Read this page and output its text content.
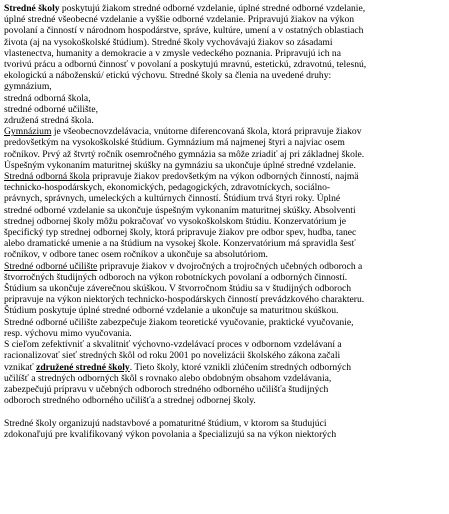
Stredné školy poskytujú žiakom stredné odborné vzdelanie, úplné stredné odborné vzdelanie,
úplné stredné všeobecné vzdelanie a vyššie odborné vzdelanie. Pripravujú žiakov na výkon
povolaní a činností v národnom hospodárstve, správe, kultúre, umení a v ostatných oblastiach
života (aj na vysokoškolské štúdium). Stredné školy vychovávajú žiakov so zásadami
vlastenectva, humanity a demokracie a v zmysle vedeckého poznania. Pripravujú ich na
tvorivú prácu a odbornú činnosť v povolaní a poskytujú mravnú, estetickú, zdravotnú, telesnú,
ekologickú a náboženskú/ etickú výchovu. Stredné školy sa členia na uvedené druhy:
gymnázium,
stredná odborná škola,
stredné odborné učilište,
združená stredná škola.
Gymnázium je všeobecnovzdelávacia, vnútorne diferencovaná škola, ktorá pripravuje žiakov
predovšetkým na vysokoškolské štúdium. Gymnázium má najmenej štyri a najviac osem
ročníkov. Prvý až štvrtý ročník osemročného gymnázia sa môže zriadiť aj pri základnej škole.
Úspešným vykonaním maturitnej skúšky na gymnáziu sa ukončuje úplné stredné vzdelanie.
Stredná odborná škola pripravuje žiakov predovšetkým na výkon odborných činností, najmä
technicko-hospodárskych, ekonomických, pedagogických, zdravotníckych, sociálno-
právnych, správnych, umeleckých a kultúrnych činností. Štúdium trvá štyri roky. Úplné
stredné odborné vzdelanie sa ukončuje úspešným vykonaním maturitnej skúšky. Absolventi
strednej odbornej školy môžu pokračovať vo vysokoškolskom štúdiu. Konzervatórium je
špecifický typ strednej odbornej školy, ktorá pripravuje žiakov pre odbor spev, hudba, tanec
alebo dramatické umenie a na štúdium na vysokej škole. Konzervatórium má spravidla šesť
ročníkov, v odbore tanec osem ročníkov a ukončuje sa absolutóriom.
Stredné odborné učilište pripravuje žiakov v dvojročných a trojročných učebných odboroch a
štvorročných študijných odboroch na výkon robotníckych povolaní a odborných činností.
Štúdium sa ukončuje záverečnou skúškou. V štvorročnom štúdiu sa v študijných odboroch
pripravuje na výkon niektorých technicko-hospodárskych činností prevádzkového charakteru.
Štúdium poskytuje úplné stredné odborné vzdelanie a ukončuje sa maturitnou skúškou.
Stredné odborné učilište zabezpečuje žiakom teoretické vyučovanie, praktické vyučovanie,
resp. výchovu mimo vyučovania.
S cieľom zefektívniť a skvalitniť výchovno-vzdelávací proces v odbornom vzdelávaní a
racionalizovať sieť stredných škôl od roku 2001 po novelizácii školského zákona začali
vznikať združené stredné školy. Tieto školy, ktoré vznikli zlúčením stredných odborných
učilíšť a stredných odborných škôl s rovnako alebo obdobným obsahom vzdelávania,
zabezpečujú prípravu v učebných odboroch stredného odborného učilišťa študijných
odboroch stredného odborného učilišťa a strednej odbornej školy.
Stredné školy organizujú nadstavbové a pomaturitné štúdium, v ktorom sa študujúci
zdokonaľujú pre kvalifikovaný výkon povolania a špecializujú sa na výkon niektorých
